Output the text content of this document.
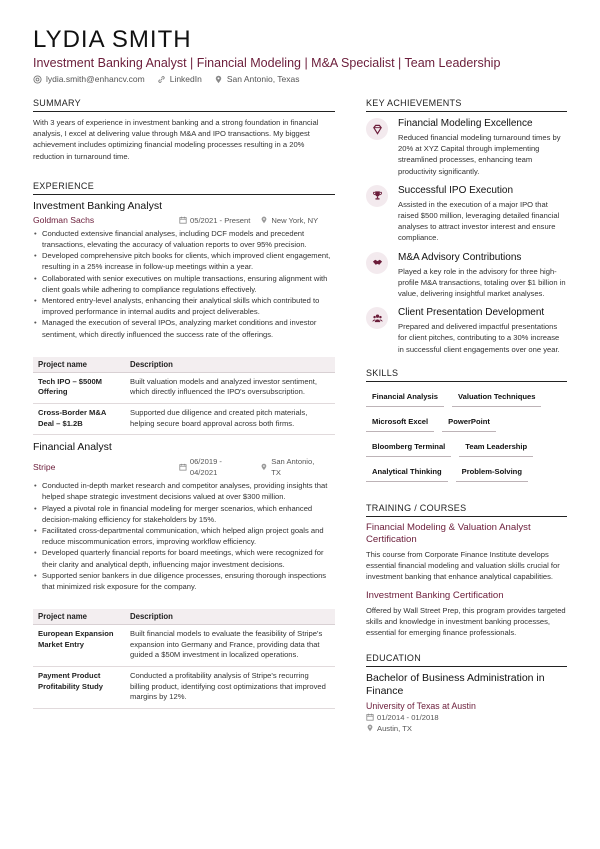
LYDIA SMITH
Investment Banking Analyst | Financial Modeling | M&A Specialist | Team Leadership
lydia.smith@enhancv.com	LinkedIn	San Antonio, Texas
SUMMARY
With 3 years of experience in investment banking and a strong foundation in financial analysis, I excel at delivering value through M&A and IPO transactions. My biggest achievement includes optimizing financial modeling processes resulting in a 20% reduction in turnaround time.
EXPERIENCE
Investment Banking Analyst
Goldman Sachs	05/2021 - Present	New York, NY
• Conducted extensive financial analyses, including DCF models and precedent transactions, elevating the accuracy of valuation reports to over 95% precision.
• Developed comprehensive pitch books for clients, which improved client engagement, resulting in a 25% increase in follow-up meetings within a year.
• Collaborated with senior executives on multiple transactions, ensuring alignment with client goals while adhering to compliance regulations effectively.
• Mentored entry-level analysts, enhancing their analytical skills which contributed to improved performance in internal audits and project deliverables.
• Managed the execution of several IPOs, analyzing market conditions and investor sentiment, which directly influenced the success rate of the offerings.
Project name	Description
Tech IPO – $500M Offering	Built valuation models and analyzed investor sentiment, which directly influenced the IPO's oversubscription.
Cross-Border M&A Deal – $1.2B	Supported due diligence and created pitch materials, helping secure board approval across both firms.
Financial Analyst
Stripe	06/2019 - 04/2021
San Antonio, TX
• Conducted in-depth market research and competitor analyses, providing insights that helped shape strategic investment decisions valued at over $300 million.
• Played a pivotal role in financial modeling for merger scenarios, which enhanced decision-making efficiency for stakeholders by 15%.
• Facilitated cross-departmental communication, which helped align project goals and reduce miscommunication errors, improving workflow efficiency.
• Developed quarterly financial reports for board meetings, which were recognized for their clarity and analytical depth, influencing major investment decisions.
• Supported senior bankers in due diligence processes, ensuring thorough inspections that minimized risk exposure for the company.
Project name	Description
European Expansion Market Entry	Built financial models to evaluate the feasibility of Stripe's expansion into Germany and France, providing data that guided a $50M investment in localized operations.
Payment Product Profitability Study	Conducted a profitability analysis of Stripe's recurring billing product, identifying cost optimizations that improved margins by 12%.
KEY ACHIEVEMENTS
Financial Modeling Excellence
Reduced financial modeling turnaround times by 20% at XYZ Capital through implementing streamlined processes, enhancing team productivity significantly.
Successful IPO Execution
Assisted in the execution of a major IPO that raised $500 million, leveraging detailed financial analyses to attract investor interest and ensure compliance.
M&A Advisory Contributions
Played a key role in the advisory for three high-profile M&A transactions, totaling over $1 billion in value, delivering insightful market analyses.
Client Presentation Development
Prepared and delivered impactful presentations for client pitches, contributing to a 30% increase in successful client engagements over one year.
SKILLS
Financial Analysis	Valuation Techniques
Microsoft Excel	PowerPoint
Bloomberg Terminal	Team Leadership
Analytical Thinking	Problem-Solving
TRAINING / COURSES
Financial Modeling & Valuation Analyst Certification
This course from Corporate Finance Institute develops essential financial modeling and valuation skills crucial for investment banking that enhance analytical capabilities.
Investment Banking Certification
Offered by Wall Street Prep, this program provides targeted skills and knowledge in investment banking processes, essential for emerging finance professionals.
EDUCATION
Bachelor of Business Administration in Finance
University of Texas at Austin
01/2014 - 01/2018
Austin, TX
